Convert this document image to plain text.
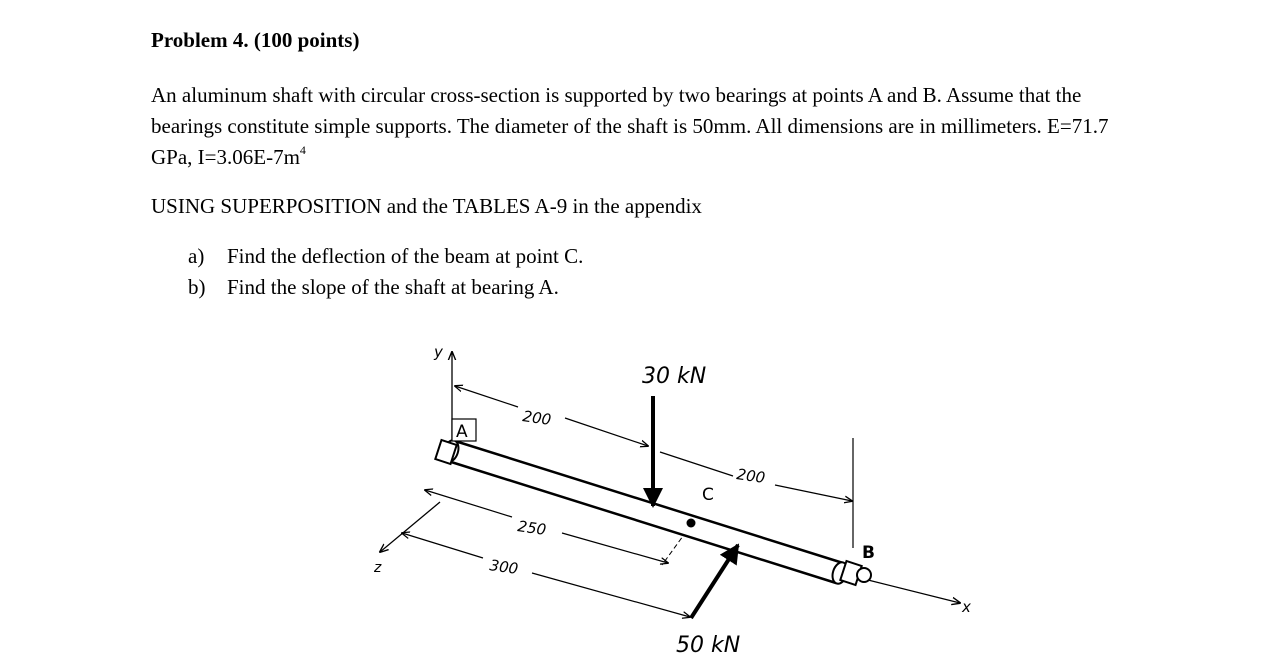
Problem 4. (100 points)

An aluminum shaft with circular cross-section is supported by two bearings at points A and B. Assume that the bearings constitute simple supports. The diameter of the shaft is 50mm. All dimensions are in millimeters. E=71.7 GPa, $I=3.06E-7m^4$

USING SUPERPOSITION and the TABLES A-9 in the appendix

a) Find the deflection of the beam at point C.

b) Find the slope of the shaft at bearing A.

y
z
x
200
200
250
300
A
B
C
30 kN
50 kN
